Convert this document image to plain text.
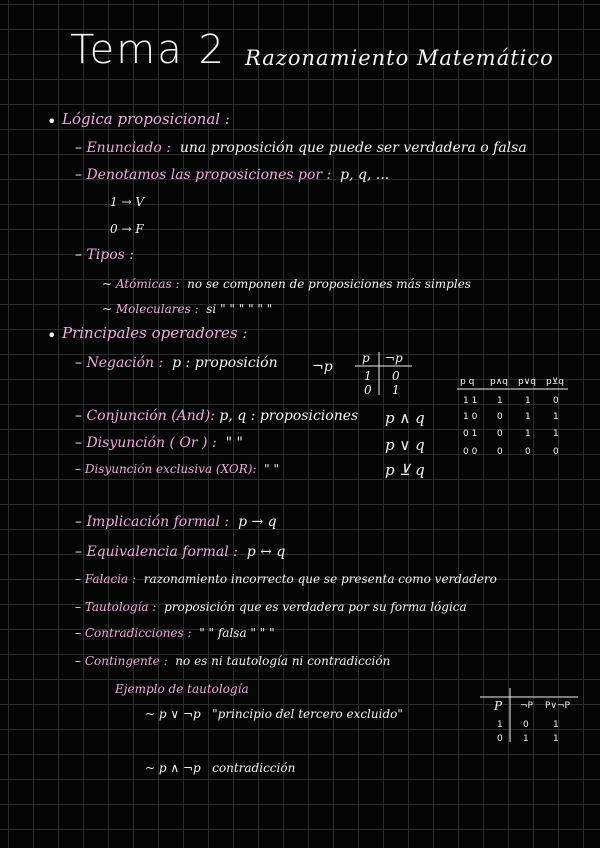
Tema 2 Razonamiento Matemático
• Lógica proposicional :
– Enunciado : una proposición que puede ser verdadera o falsa
– Denotamos las proposiciones por : p, q, ...
1 → V
0 → F
– Tipos :
~ Atómicas : no se componen de proposiciones más simples
~ Moleculares : si " " " " " "
• Principales operadores :
– Negación : p : proposición ¬p
p ¬p
1 0
0 1
p q p∧q p∨q p⊻q
1 1 1 1 0
1 0 0 1 1
0 1 0 1 1
0 0 0 0 0
– Conjunción (And): p, q : proposiciones p ∧ q
– Disyunción ( Or ) : " "	p ∨ q
– Disyunción exclusiva (XOR): " "	p ⊻ q
– Implicación formal : p → q
– Equivalencia formal : p ↔ q
– Falacia : razonamiento incorrecto que se presenta como verdadero
– Tautología : proposición que es verdadera por su forma lógica
– Contradicciones : " " falsa " " "
– Contingente : no es ni tautología ni contradicción
Ejemplo de tautología
~ p ∨ ¬p "principio del tercero excluido"
P ¬P P∨¬P
1 0	1
0 1	1
~ p ∧ ¬p contradicción
